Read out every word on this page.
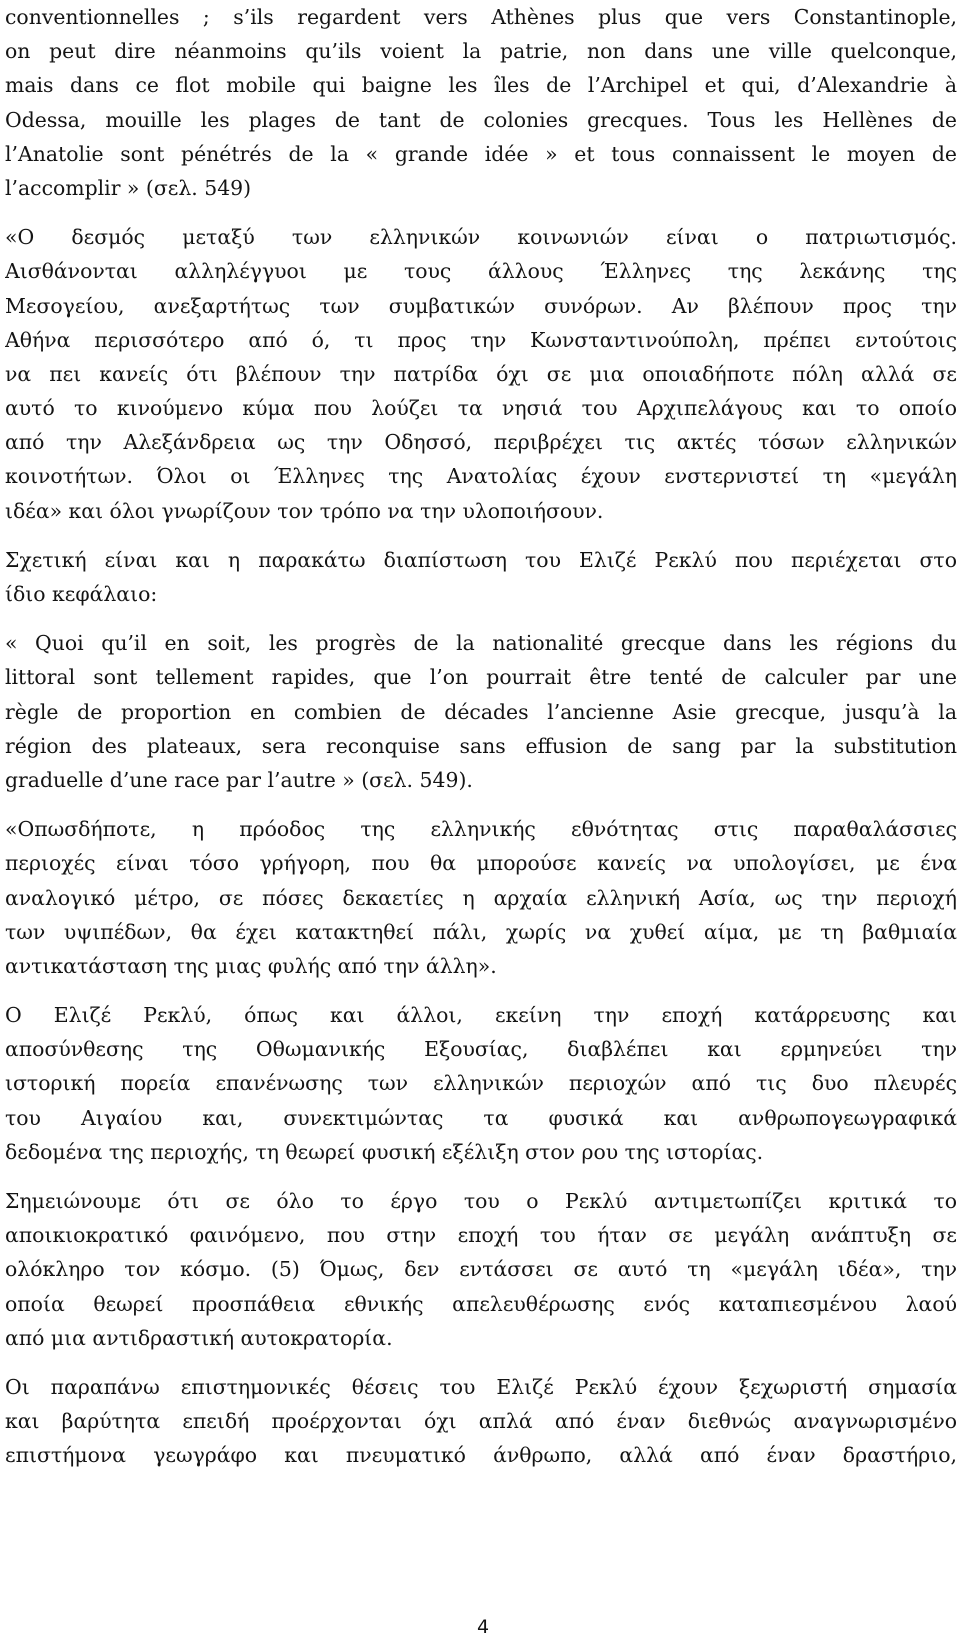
conventionnelles ; s’ils regardent vers Athènes plus que vers Constantinople,
on peut dire néanmoins qu’ils voient la patrie, non dans une ville quelconque,
mais dans ce flot mobile qui baigne les îles de l’Archipel et qui, d’Alexandrie à
Odessa, mouille les plages de tant de colonies grecques. Tous les Hellènes de
l’Anatolie sont pénétrés de la « grande idée » et tous connaissent le moyen de
l’accomplir » (σελ. 549)
«Ο δεσμός μεταξύ των ελληνικών κοινωνιών είναι ο πατριωτισμός.
Αισθάνονται αλληλέγγυοι με τους άλλους Έλληνες της λεκάνης της
Μεσογείου, ανεξαρτήτως των συμβατικών συνόρων. Αν βλέπουν προς την
Αθήνα περισσότερο από ό, τι προς την Κωνσταντινούπολη, πρέπει εντούτοις
να πει κανείς ότι βλέπουν την πατρίδα όχι σε μια οποιαδήποτε πόλη αλλά σε
αυτό το κινούμενο κύμα που λούζει τα νησιά του Αρχιπελάγους και το οποίο
από την Αλεξάνδρεια ως την Οδησσό, περιβρέχει τις ακτές τόσων ελληνικών
κοινοτήτων. Όλοι οι Έλληνες της Ανατολίας έχουν ενστερνιστεί τη «μεγάλη
ιδέα» και όλοι γνωρίζουν τον τρόπο να την υλοποιήσουν.
Σχετική είναι και η παρακάτω διαπίστωση του Ελιζέ Ρεκλύ που περιέχεται στο
ίδιο κεφάλαιο:
« Quoi qu’il en soit, les progrès de la nationalité grecque dans les régions du
littoral sont tellement rapides, que l’on pourrait être tenté de calculer par une
règle de proportion en combien de décades l’ancienne Asie grecque, jusqu’à la
région des plateaux, sera reconquise sans effusion de sang par la substitution
graduelle d’une race par l’autre » (σελ. 549).
«Οπωσδήποτε, η πρόοδος της ελληνικής εθνότητας στις παραθαλάσσιες
περιοχές είναι τόσο γρήγορη, που θα μπορούσε κανείς να υπολογίσει, με ένα
αναλογικό μέτρο, σε πόσες δεκαετίες η αρχαία ελληνική Ασία, ως την περιοχή
των υψιπέδων, θα έχει κατακτηθεί πάλι, χωρίς να χυθεί αίμα, με τη βαθμιαία
αντικατάσταση της μιας φυλής από την άλλη».
Ο Ελιζέ Ρεκλύ, όπως και άλλοι, εκείνη την εποχή κατάρρευσης και
αποσύνθεσης της Οθωμανικής Εξουσίας, διαβλέπει και ερμηνεύει την
ιστορική πορεία επανένωσης των ελληνικών περιοχών από τις δυο πλευρές
του Αιγαίου και, συνεκτιμώντας τα φυσικά και ανθρωπογεωγραφικά
δεδομένα της περιοχής, τη θεωρεί φυσική εξέλιξη στον ρου της ιστορίας.
Σημειώνουμε ότι σε όλο το έργο του ο Ρεκλύ αντιμετωπίζει κριτικά το
αποικιοκρατικό φαινόμενο, που στην εποχή του ήταν σε μεγάλη ανάπτυξη σε
ολόκληρο τον κόσμο. (5) Όμως, δεν εντάσσει σε αυτό τη «μεγάλη ιδέα», την
οποία θεωρεί προσπάθεια εθνικής απελευθέρωσης ενός καταπιεσμένου λαού
από μια αντιδραστική αυτοκρατορία.
Οι παραπάνω επιστημονικές θέσεις του Ελιζέ Ρεκλύ έχουν ξεχωριστή σημασία
και βαρύτητα επειδή προέρχονται όχι απλά από έναν διεθνώς αναγνωρισμένο
επιστήμονα γεωγράφο και πνευματικό άνθρωπο, αλλά από έναν δραστήριο,
4
